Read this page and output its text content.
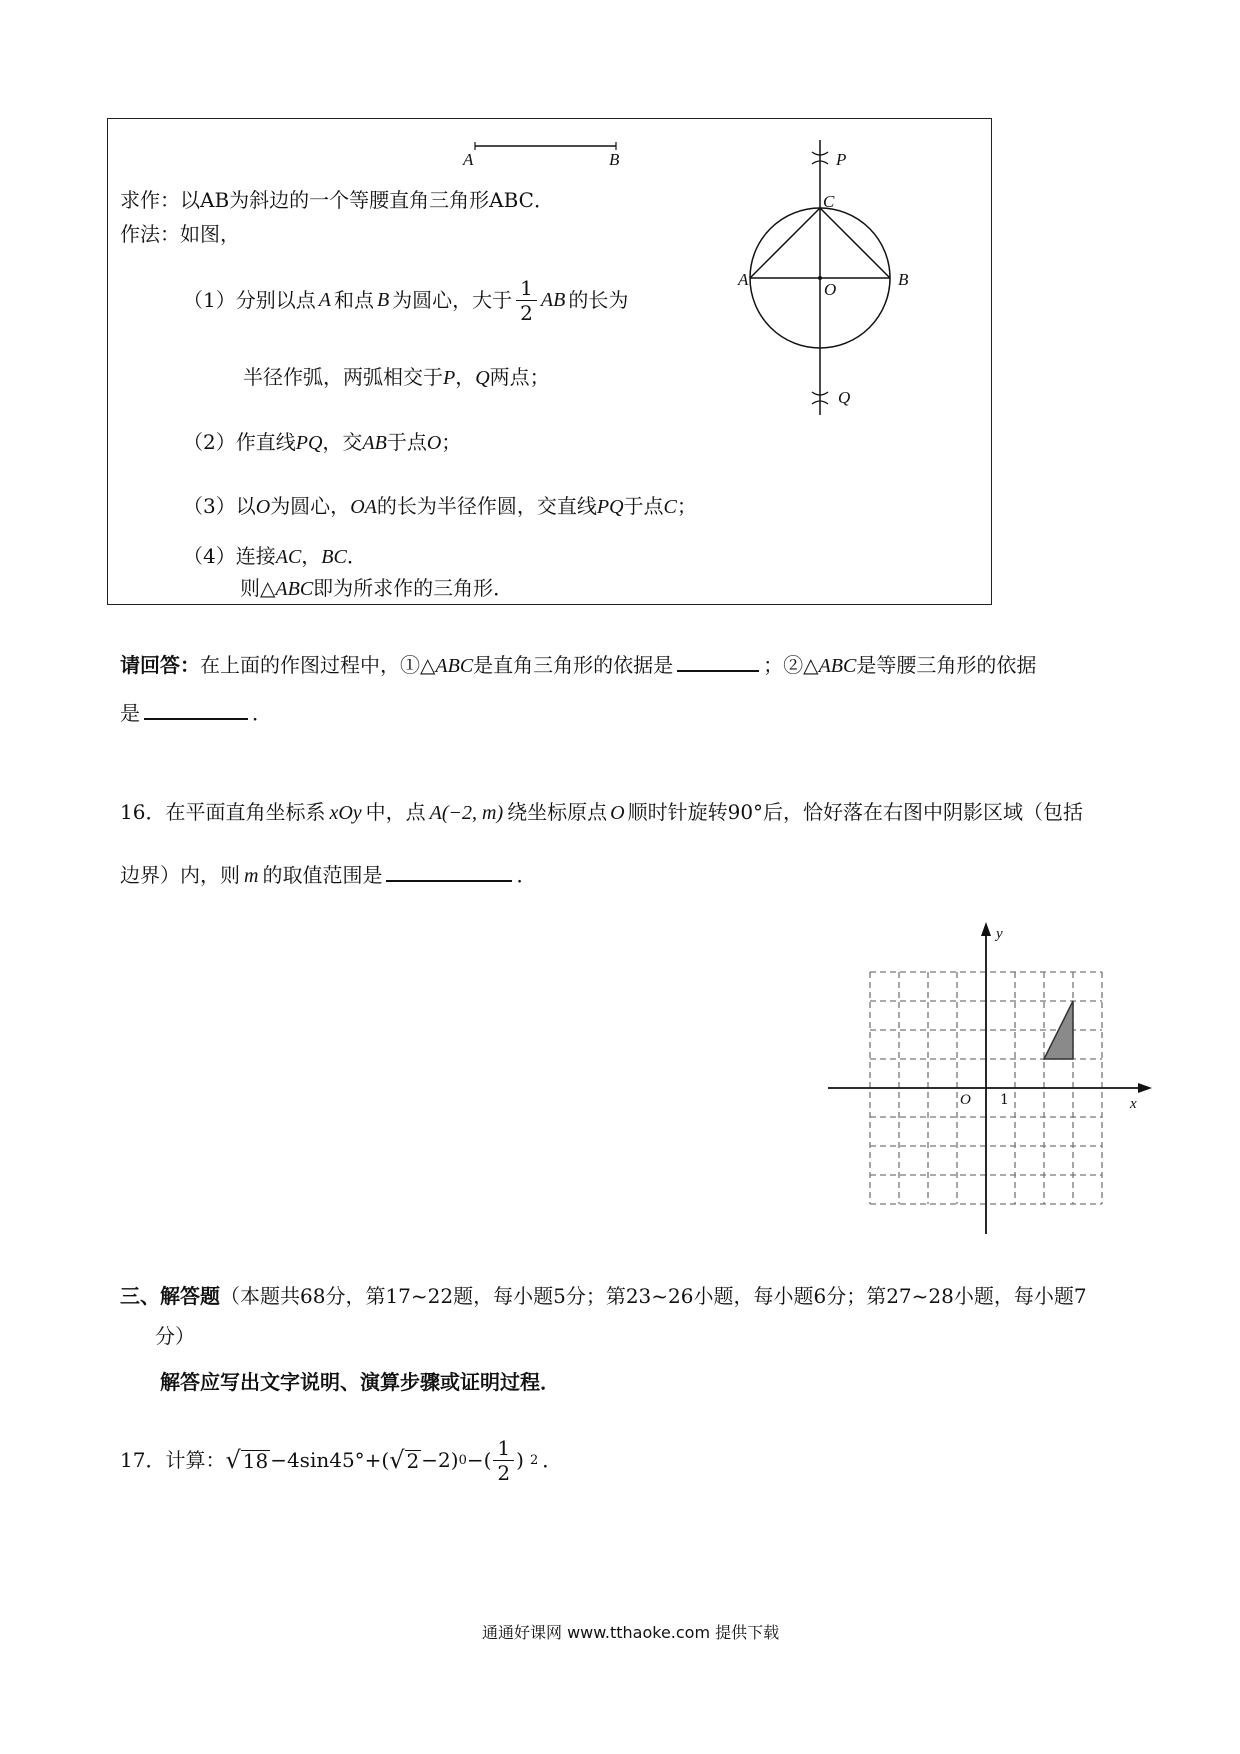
A	B
求作：以AB为斜边的一个等腰直角三角形ABC．
作法：如图，
（1）分别以点 A 和点 B 为圆心，大于 $\frac{1}{2}$ A B 的长为
半径作弧，两弧相交于P，Q两点；
（2）作直线PQ，交AB于点O；
（3）以O为圆心，OA的长为半径作圆，交直线PQ于点C；
（4）连接AC，BC．
则△ABC即为所求作的三角形．
P
C
A
O
B
Q
请回答：在上面的作图过程中，①△ABC是直角三角形的依据是	；②△ABC是等腰三角形的依据
是	．
16．在平面直角坐标系 xOy 中，点 A(−2, m) 绕坐标原点 O 顺时针旋转90°后，恰好落在右图中阴影区域（包括
边界）内，则 m 的取值范围是	．
y
x
O 1
三、解答题（本题共68分，第17~22题，每小题5分；第23~26小题，每小题6分；第27~28小题，每小题7
分）
解答应写出文字说明、演算步骤或证明过程．
17． 计算： √ 18 −4sin45°+( √ 2 −2) 0 −( $\frac{1}{2}$ ) 2 ．
通通好课网 www.tthaoke.com 提供下载
